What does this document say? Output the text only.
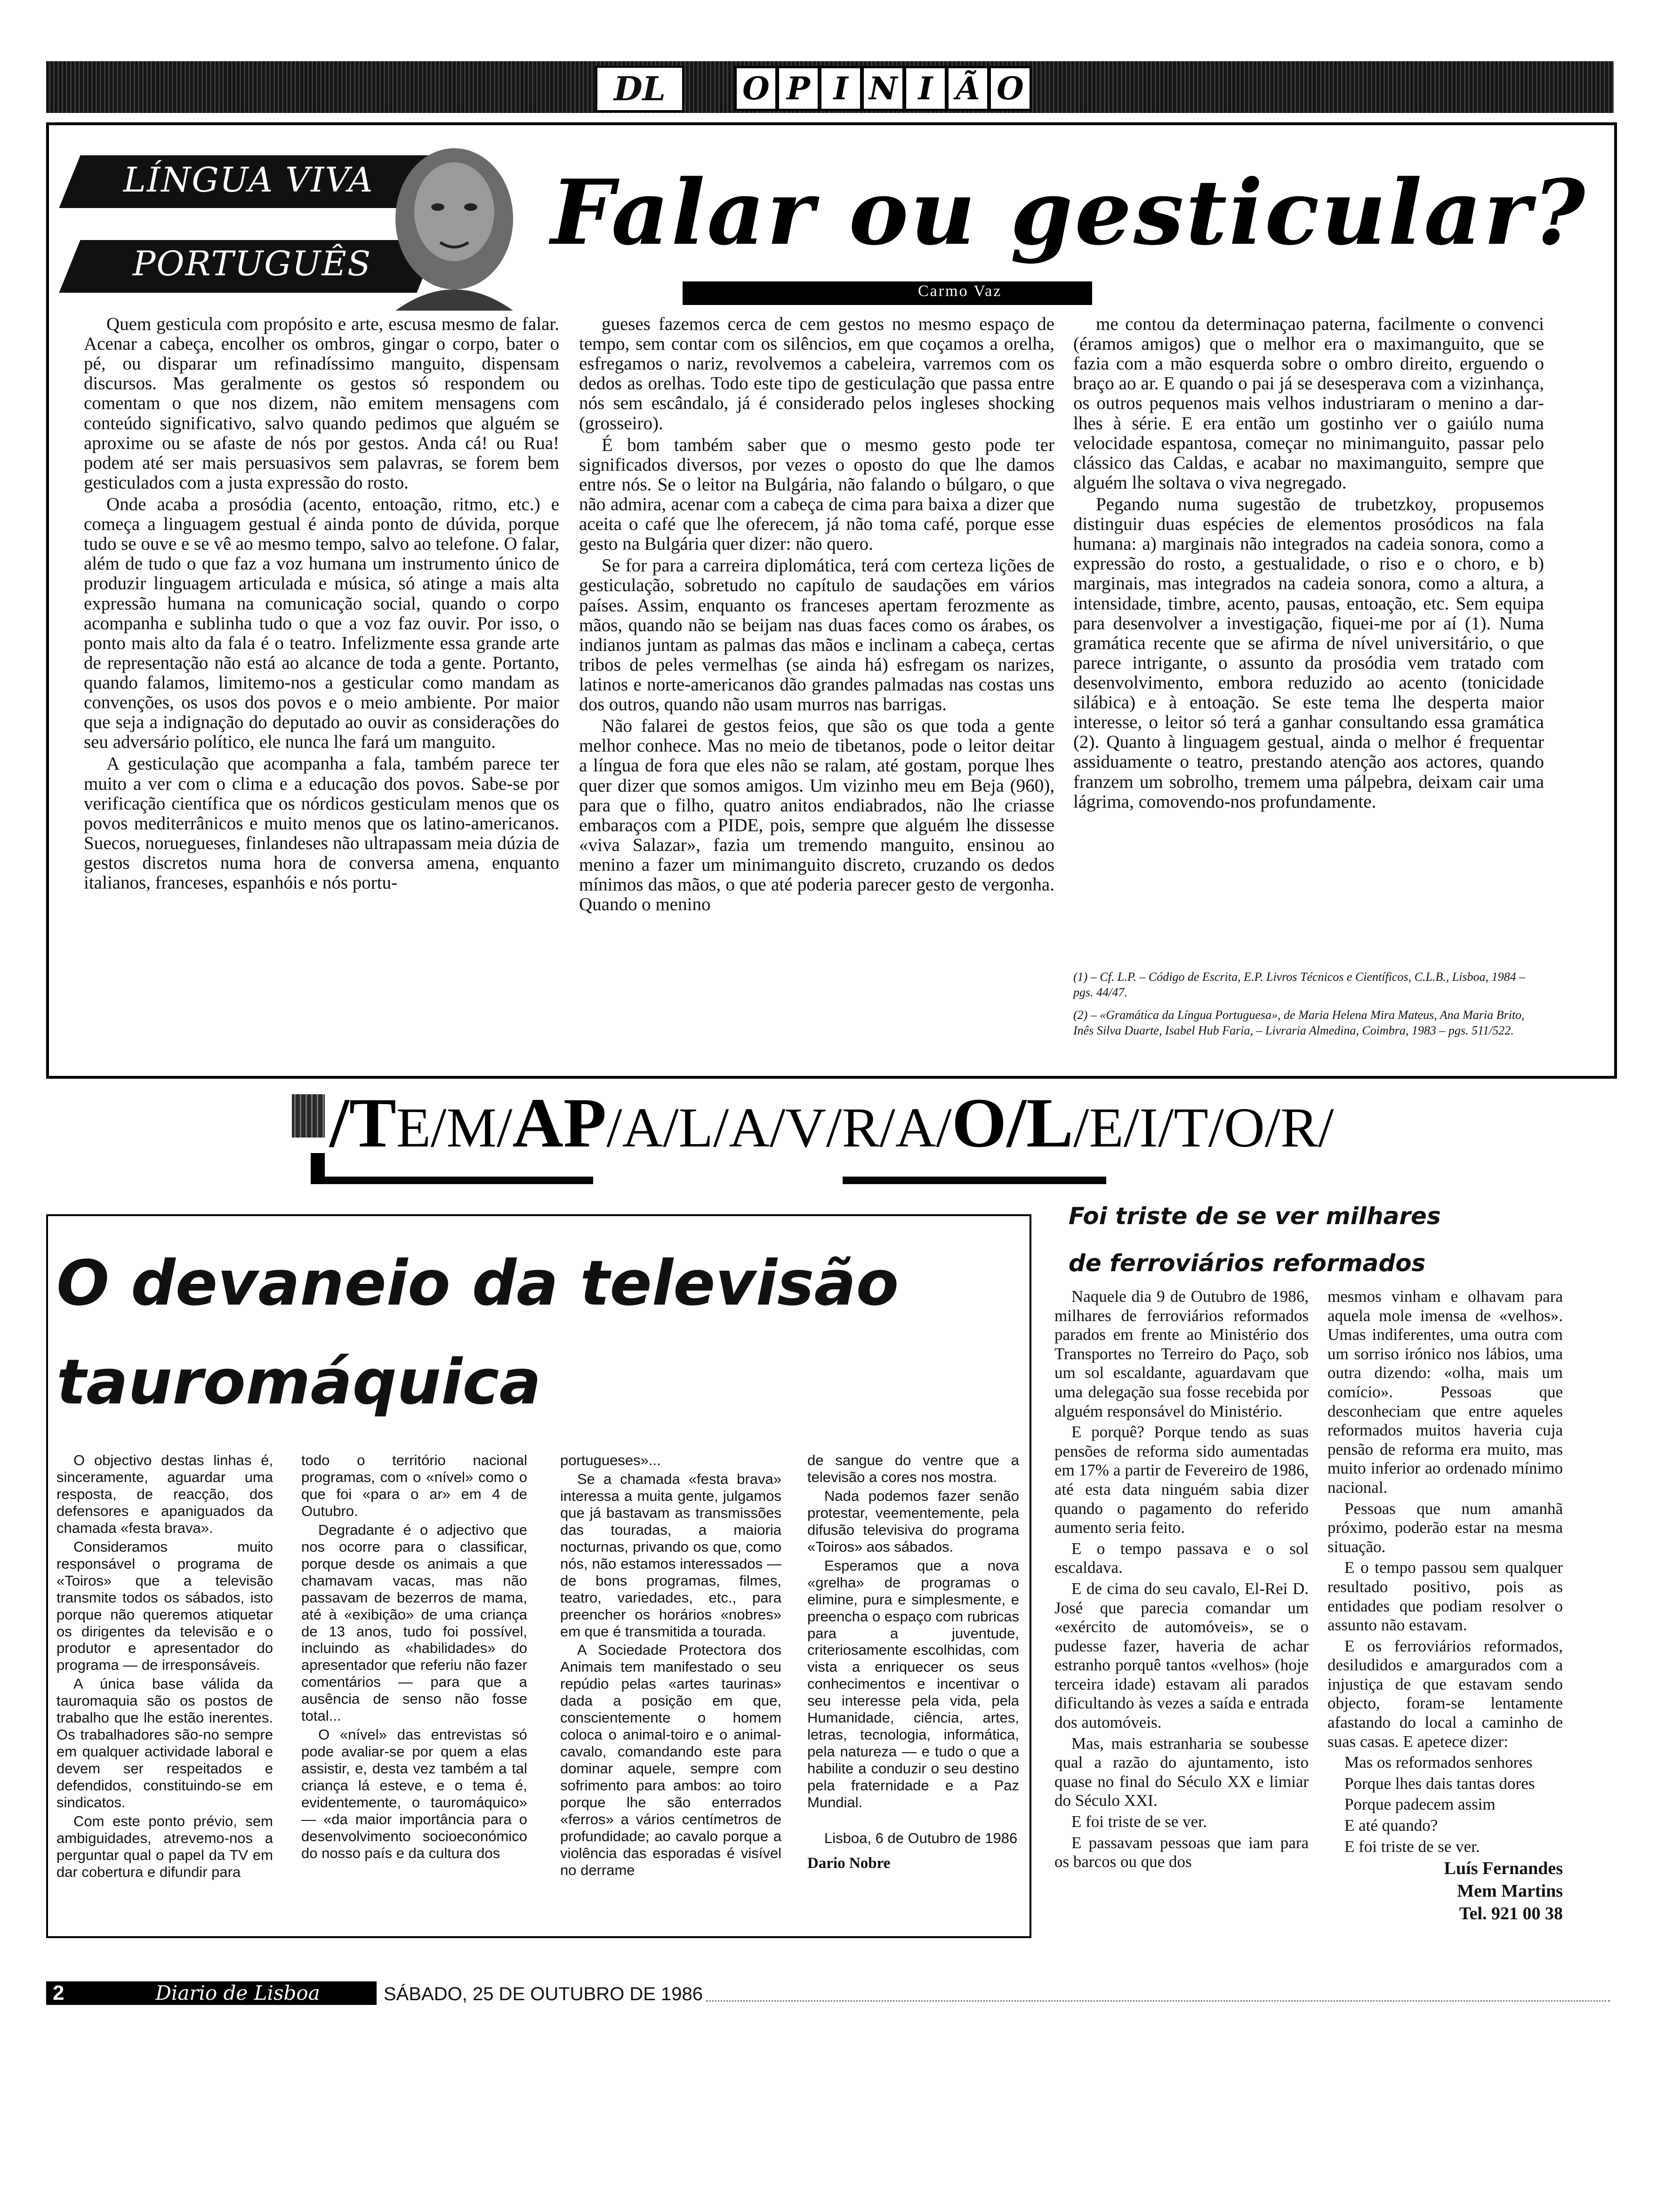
DL	O P I N I Ã O
LÍNGUA VIVA
PORTUGUÊS Falar ou gesticular?
Carmo Vaz

Quem gesticula com propósito e arte, escusa mesmo de falar. Acenar a cabeça, encolher os ombros, gingar o corpo, bater o pé, ou disparar um refinadíssimo manguito, dispensam discursos. Mas geralmente os gestos só respondem ou comentam o que nos dizem, não emitem mensagens com conteúdo significativo, salvo quando pedimos que alguém se aproxime ou se afaste de nós por gestos. Anda cá! ou Rua! podem até ser mais persuasivos sem palavras, se forem bem gesticulados com a justa expressão do rosto.

Onde acaba a prosódia (acento, entoação, ritmo, etc.) e começa a linguagem gestual é ainda ponto de dúvida, porque tudo se ouve e se vê ao mesmo tempo, salvo ao telefone. O falar, além de tudo o que faz a voz humana um instrumento único de produzir linguagem articulada e música, só atinge a mais alta expressão humana na comunicação social, quando o corpo acompanha e sublinha tudo o que a voz faz ouvir. Por isso, o ponto mais alto da fala é o teatro. Infelizmente essa grande arte de representação não está ao alcance de toda a gente. Portanto, quando falamos, limitemo-nos a gesticular como mandam as convenções, os usos dos povos e o meio ambiente. Por maior que seja a indignação do deputado ao ouvir as considerações do seu adversário político, ele nunca lhe fará um manguito.

A gesticulação que acompanha a fala, também parece ter muito a ver com o clima e a educação dos povos. Sabe-se por verificação científica que os nórdicos gesticulam menos que os povos mediterrânicos e muito menos que os latino-americanos. Suecos, noruegueses, finlandeses não ultrapassam meia dúzia de gestos discretos numa hora de conversa amena, enquanto italianos, franceses, espanhóis e nós portu-

gueses fazemos cerca de cem gestos no mesmo espaço de tempo, sem contar com os silêncios, em que coçamos a orelha, esfregamos o nariz, revolvemos a cabeleira, varremos com os dedos as orelhas. Todo este tipo de gesticulação que passa entre nós sem escândalo, já é considerado pelos ingleses shocking (grosseiro).

É bom também saber que o mesmo gesto pode ter significados diversos, por vezes o oposto do que lhe damos entre nós. Se o leitor na Bulgária, não falando o búlgaro, o que não admira, acenar com a cabeça de cima para baixa a dizer que aceita o café que lhe oferecem, já não toma café, porque esse gesto na Bulgária quer dizer: não quero.

Se for para a carreira diplomática, terá com certeza lições de gesticulação, sobretudo no capítulo de saudações em vários países. Assim, enquanto os franceses apertam ferozmente as mãos, quando não se beijam nas duas faces como os árabes, os indianos juntam as palmas das mãos e inclinam a cabeça, certas tribos de peles vermelhas (se ainda há) esfregam os narizes, latinos e norte-americanos dão grandes palmadas nas costas uns dos outros, quando não usam murros nas barrigas.

Não falarei de gestos feios, que são os que toda a gente melhor conhece. Mas no meio de tibetanos, pode o leitor deitar a língua de fora que eles não se ralam, até gostam, porque lhes quer dizer que somos amigos. Um vizinho meu em Beja (960), para que o filho, quatro anitos endiabrados, não lhe criasse embaraços com a PIDE, pois, sempre que alguém lhe dissesse «viva Salazar», fazia um tremendo manguito, ensinou ao menino a fazer um minimanguito discreto, cruzando os dedos mínimos das mãos, o que até poderia parecer gesto de vergonha. Quando o menino

me contou da determinaçao paterna, facilmente o convenci (éramos amigos) que o melhor era o maximanguito, que se fazia com a mão esquerda sobre o ombro direito, erguendo o braço ao ar. E quando o pai já se desesperava com a vizinhança, os outros pequenos mais velhos industriaram o menino a dar-lhes à série. E era então um gostinho ver o gaiúlo numa velocidade espantosa, começar no minimanguito, passar pelo clássico das Caldas, e acabar no maximanguito, sempre que alguém lhe soltava o viva negregado.

Pegando numa sugestão de trubetzkoy, propusemos distinguir duas espécies de elementos prosódicos na fala humana: a) marginais não integrados na cadeia sonora, como a expressão do rosto, a gestualidade, o riso e o choro, e b) marginais, mas integrados na cadeia sonora, como a altura, a intensidade, timbre, acento, pausas, entoação, etc. Sem equipa para desenvolver a investigação, fiquei-me por aí (1). Numa gramática recente que se afirma de nível universitário, o que parece intrigante, o assunto da prosódia vem tratado com desenvolvimento, embora reduzido ao acento (tonicidade silábica) e à entoação. Se este tema lhe desperta maior interesse, o leitor só terá a ganhar consultando essa gramática (2). Quanto à linguagem gestual, ainda o melhor é frequentar assiduamente o teatro, prestando atenção aos actores, quando franzem um sobrolho, tremem uma pálpebra, deixam cair uma lágrima, comovendo-nos profundamente.

(1) – Cf. L.P. – Código de Escrita, E.P. Livros Técnicos e Científicos, C.L.B., Lisboa, 1984 – pgs. 44/47.
(2) – «Gramática da Língua Portuguesa», de Maria Helena Mira Mateus, Ana Maria Brito, Inês Silva Duarte, Isabel Hub Faria, – Livraria Almedina, Coimbra, 1983 – pgs. 511/522.
/TE/M/AP/A/L/A/V/R/A/O/L/E/I/T/O/R/
O devaneio da televisão
tauromáquica

O objectivo destas linhas é, sinceramente, aguardar uma resposta, de reacção, dos defensores e apaniguados da chamada «festa brava».

Consideramos muito responsável o programa de «Toiros» que a televisão transmite todos os sábados, isto porque não queremos atiquetar os dirigentes da televisão e o produtor e apresentador do programa — de irresponsáveis.

A única base válida da tauromaquia são os postos de trabalho que lhe estão inerentes. Os trabalhadores são-no sempre em qualquer actividade laboral e devem ser respeitados e defendidos, constituindo-se em sindicatos.

Com este ponto prévio, sem ambiguidades, atrevemo-nos a perguntar qual o papel da TV em dar cobertura e difundir para

todo o território nacional programas, com o «nível» como o que foi «para o ar» em 4 de Outubro.

Degradante é o adjectivo que nos ocorre para o classificar, porque desde os animais a que chamavam vacas, mas não passavam de bezerros de mama, até à «exibição» de uma criança de 13 anos, tudo foi possível, incluindo as «habilidades» do apresentador que referiu não fazer comentários — para que a ausência de senso não fosse total...

O «nível» das entrevistas só pode avaliar-se por quem a elas assistir, e, desta vez também a tal criança lá esteve, e o tema é, evidentemente, o tauromáquico» — «da maior importância para o desenvolvimento socioeconómico do nosso país e da cultura dos

portugueses»...

Se a chamada «festa brava» interessa a muita gente, julgamos que já bastavam as transmissões das touradas, a maioria nocturnas, privando os que, como nós, não estamos interessados — de bons programas, filmes, teatro, variedades, etc., para preencher os horários «nobres» em que é transmitida a tourada.

A Sociedade Protectora dos Animais tem manifestado o seu repúdio pelas «artes taurinas» dada a posição em que, conscientemente o homem coloca o animal-toiro e o animal-cavalo, comandando este para dominar aquele, sempre com sofrimento para ambos: ao toiro porque lhe são enterrados «ferros» a vários centímetros de profundidade; ao cavalo porque a violência das esporadas é visível no derrame

de sangue do ventre que a televisão a cores nos mostra.

Nada podemos fazer senão protestar, veementemente, pela difusão televisiva do programa «Toiros» aos sábados.

Esperamos que a nova «grelha» de programas o elimine, pura e simplesmente, e preencha o espaço com rubricas para a juventude, criteriosamente escolhidas, com vista a enriquecer os seus conhecimentos e incentivar o seu interesse pela vida, pela Humanidade, ciência, artes, letras, tecnologia, informática, pela natureza — e tudo o que a habilite a conduzir o seu destino pela fraternidade e a Paz Mundial.

Lisboa, 6 de Outubro de 1986

Dario Nobre

Foi triste de se ver milhares
de ferroviários reformados

Naquele dia 9 de Outubro de 1986, milhares de ferroviários reformados parados em frente ao Ministério dos Transportes no Terreiro do Paço, sob um sol escaldante, aguardavam que uma delegação sua fosse recebida por alguém responsável do Ministério.

E porquê? Porque tendo as suas pensões de reforma sido aumentadas em 17% a partir de Fevereiro de 1986, até esta data ninguém sabia dizer quando o pagamento do referido aumento seria feito.

E o tempo passava e o sol escaldava.

E de cima do seu cavalo, El-Rei D. José que parecia comandar um «exército de automóveis», se o pudesse fazer, haveria de achar estranho porquê tantos «velhos» (hoje terceira idade) estavam ali parados dificultando às vezes a saída e entrada dos automóveis.

Mas, mais estranharia se soubesse qual a razão do ajuntamento, isto quase no final do Século XX e limiar do Século XXI.

E foi triste de se ver.

E passavam pessoas que iam para os barcos ou que dos

mesmos vinham e olhavam para aquela mole imensa de «velhos». Umas indiferentes, uma outra com um sorriso irónico nos lábios, uma outra dizendo: «olha, mais um comício». Pessoas que desconheciam que entre aqueles reformados muitos haveria cuja pensão de reforma era muito, mas muito inferior ao ordenado mínimo nacional.

Pessoas que num amanhã próximo, poderão estar na mesma situação.

E o tempo passou sem qualquer resultado positivo, pois as entidades que podiam resolver o assunto não estavam.

E os ferroviários reformados, desiludidos e amargurados com a injustiça de que estavam sendo objecto, foram-se lentamente afastando do local a caminho de suas casas. E apetece dizer:

Mas os reformados senhores

Porque lhes dais tantas dores

Porque padecem assim

E até quando?

E foi triste de se ver.

Luís Fernandes

Mem Martins

Tel. 921 00 38

2	Diario de Lisboa	SÁBADO, 25 DE OUTUBRO DE 1986
